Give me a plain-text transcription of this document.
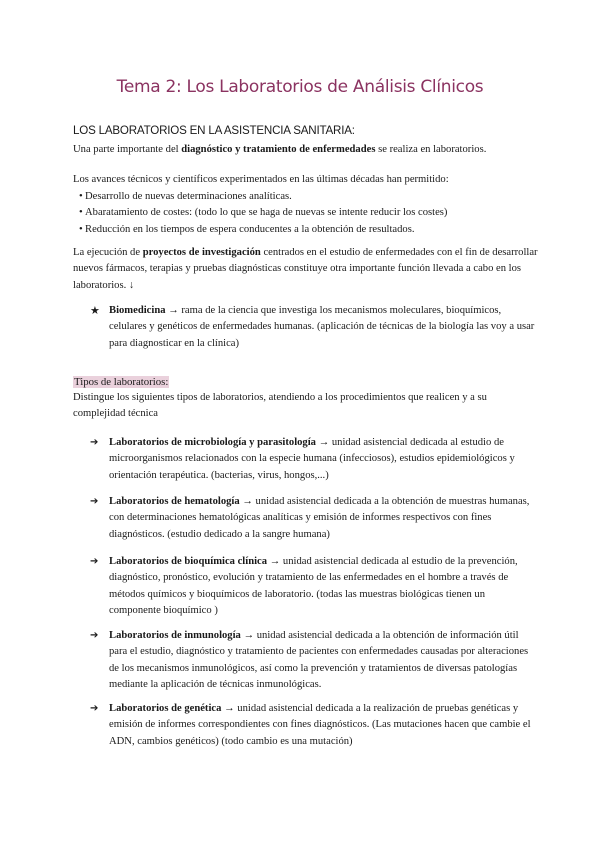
Tema 2: Los Laboratorios de Análisis Clínicos
LOS LABORATORIOS EN LA ASISTENCIA SANITARIA:

Una parte importante del diagnóstico y tratamiento de enfermedades se realiza en laboratorios.

Los avances técnicos y científicos experimentados en las últimas décadas han permitido:

• Desarrollo de nuevas determinaciones analíticas.
• Abaratamiento de costes: (todo lo que se haga de nuevas se intente reducir los costes)
• Reducción en los tiempos de espera conducentes a la obtención de resultados.

La ejecución de proyectos de investigación centrados en el estudio de enfermedades con el fin de desarrollar nuevos fármacos, terapias y pruebas diagnósticas constituye otra importante función llevada a cabo en los laboratorios. ↓

★ Biomedicina → rama de la ciencia que investiga los mecanismos moleculares, bioquímicos, celulares y genéticos de enfermedades humanas. (aplicación de técnicas de la biología las voy a usar para diagnosticar en la clínica)
Tipos de laboratorios:

Distingue los siguientes tipos de laboratorios, atendiendo a los procedimientos que realicen y a su complejidad técnica

➔ Laboratorios de microbiología y parasitología → unidad asistencial dedicada al estudio de microorganismos relacionados con la especie humana (infecciosos), estudios epidemiológicos y orientación terapéutica. (bacterias, virus, hongos,...)
➔ Laboratorios de hematología → unidad asistencial dedicada a la obtención de muestras humanas, con determinaciones hematológicas analíticas y emisión de informes respectivos con fines diagnósticos. (estudio dedicado a la sangre humana)
➔ Laboratorios de bioquímica clínica → unidad asistencial dedicada al estudio de la prevención, diagnóstico, pronóstico, evolución y tratamiento de las enfermedades en el hombre a través de métodos químicos y bioquímicos de laboratorio. (todas las muestras biológicas tienen un componente bioquímico )
➔ Laboratorios de inmunología → unidad asistencial dedicada a la obtención de información útil para el estudio, diagnóstico y tratamiento de pacientes con enfermedades causadas por alteraciones de los mecanismos inmunológicos, así como la prevención y tratamientos de diversas patologías mediante la aplicación de técnicas inmunológicas.
➔ Laboratorios de genética → unidad asistencial dedicada a la realización de pruebas genéticas y emisión de informes correspondientes con fines diagnósticos. (Las mutaciones hacen que cambie el ADN, cambios genéticos) (todo cambio es una mutación)
